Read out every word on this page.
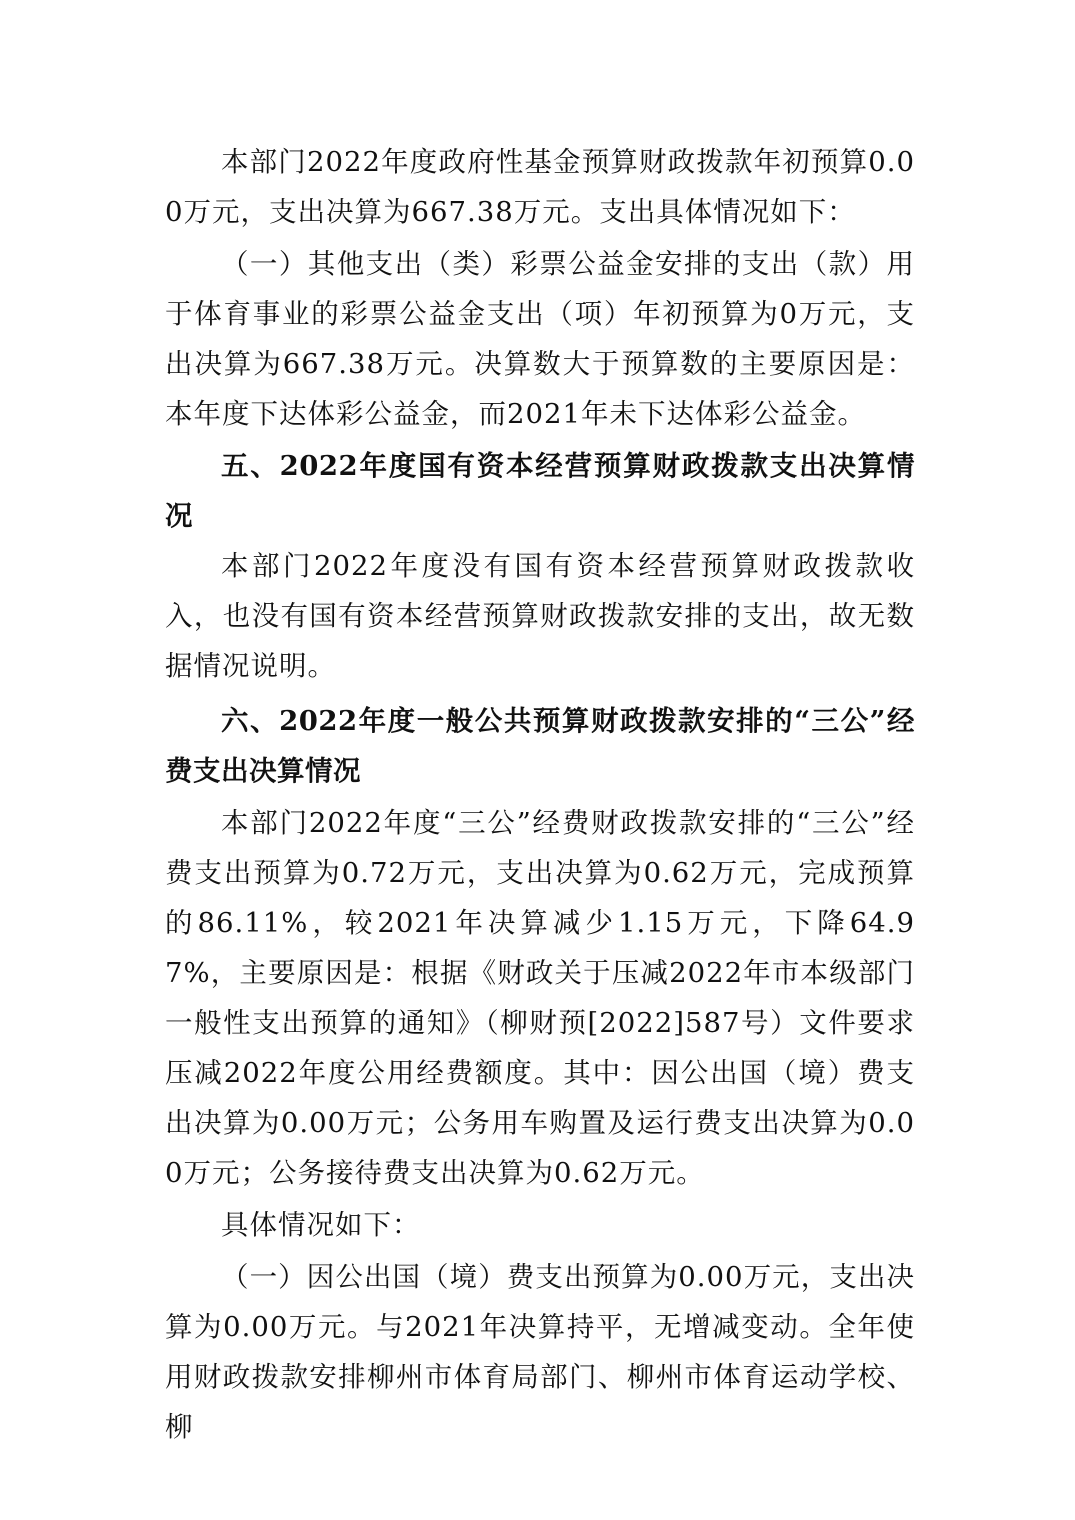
本部门2022年度政府性基金预算财政拨款年初预算0.00万元，支出决算为667.38万元。支出具体情况如下：

（一）其他支出（类）彩票公益金安排的支出（款）用于体育事业的彩票公益金支出（项）年初预算为0万元，支出决算为667.38万元。决算数大于预算数的主要原因是：本年度下达体彩公益金，而2021年未下达体彩公益金。

五、2022年度国有资本经营预算财政拨款支出决算情况

本部门2022年度没有国有资本经营预算财政拨款收入，也没有国有资本经营预算财政拨款安排的支出，故无数据情况说明。

六、2022年度一般公共预算财政拨款安排的“三公”经费支出决算情况

本部门2022年度“三公”经费财政拨款安排的“三公”经费支出预算为0.72万元，支出决算为0.62万元，完成预算的86.11%，较2021年决算减少1.15万元，下降64.97%，主要原因是：根据《财政关于压减2022年市本级部门一般性支出预算的通知》（柳财预[2022]587号）文件要求压减2022年度公用经费额度。其中：因公出国（境）费支出决算为0.00万元；公务用车购置及运行费支出决算为0.00万元；公务接待费支出决算为0.62万元。

具体情况如下：

（一）因公出国（境）费支出预算为0.00万元，支出决算为0.00万元。与2021年决算持平，无增减变动。全年使用财政拨款安排柳州市体育局部门、柳州市体育运动学校、柳
